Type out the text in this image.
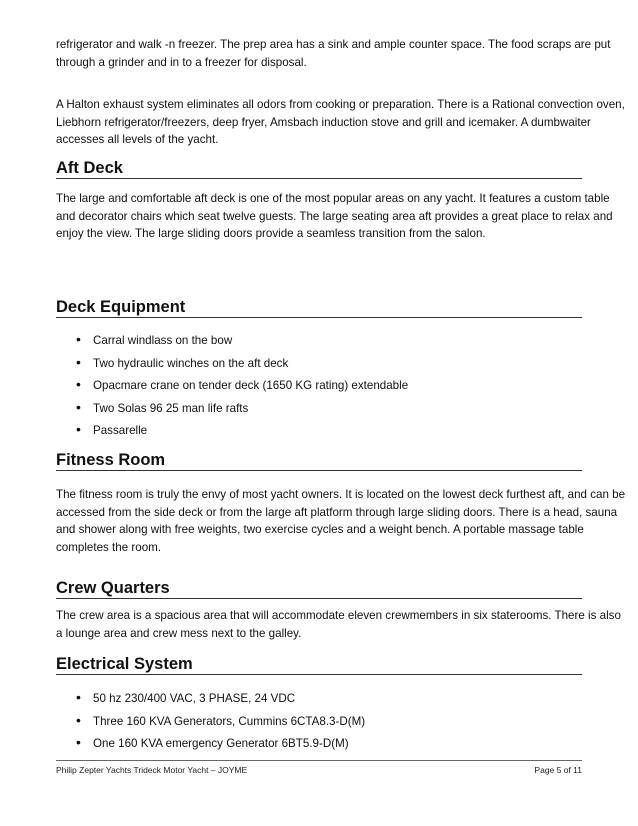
refrigerator and walk -n freezer. The prep area has a sink and ample counter space. The food scraps are put through a grinder and in to a freezer for disposal.

A Halton exhaust system eliminates all odors from cooking or preparation. There is a Rational convection oven, Liebhorn refrigerator/freezers, deep fryer, Amsbach induction stove and grill and icemaker. A dumbwaiter accesses all levels of the yacht.

Aft Deck

The large and comfortable aft deck is one of the most popular areas on any yacht. It features a custom table and decorator chairs which seat twelve guests. The large seating area aft provides a great place to relax and enjoy the view. The large sliding doors provide a seamless transition from the salon.

Deck Equipment
• Carral windlass on the bow
• Two hydraulic winches on the aft deck
• Opacmare crane on tender deck (1650 KG rating) extendable
• Two Solas 96 25 man life rafts
• Passarelle
Fitness Room

The fitness room is truly the envy of most yacht owners. It is located on the lowest deck furthest aft, and can be accessed from the side deck or from the large aft platform through large sliding doors. There is a head, sauna and shower along with free weights, two exercise cycles and a weight bench. A portable massage table completes the room.

Crew Quarters

The crew area is a spacious area that will accommodate eleven crewmembers in six staterooms. There is also a lounge area and crew mess next to the galley.

Electrical System
• 50 hz 230/400 VAC, 3 PHASE, 24 VDC
• Three 160 KVA Generators, Cummins 6CTA8.3-D(M)
• One 160 KVA emergency Generator 6BT5.9-D(M)
Philip Zepter Yachts Trideck Motor Yacht – JOYME	Page 5 of 11
